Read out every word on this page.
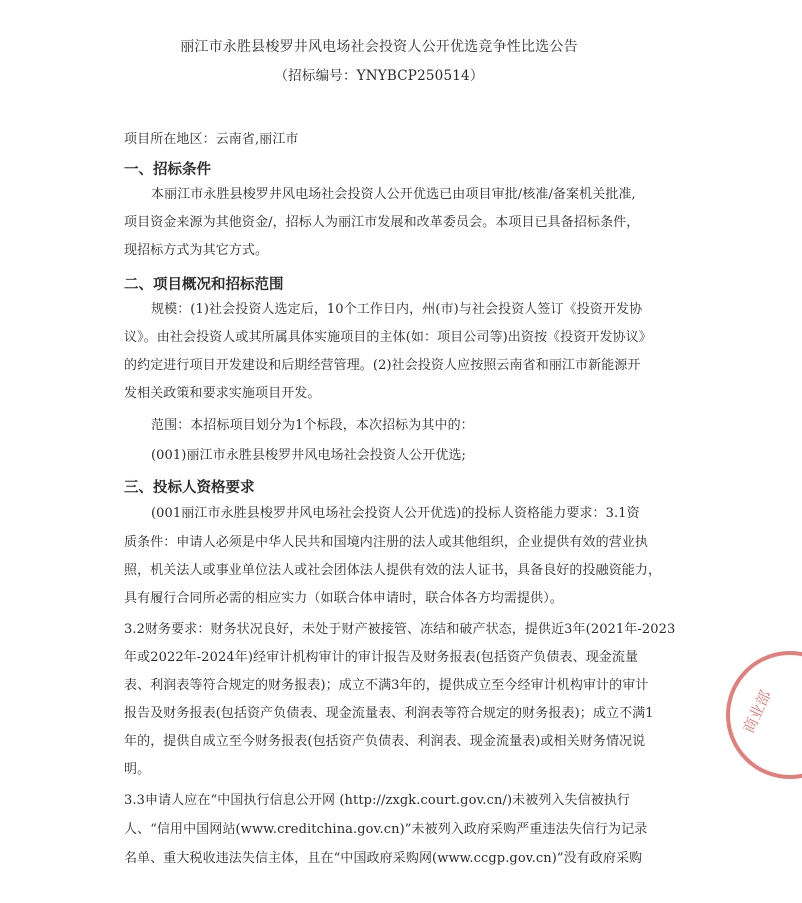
丽江市永胜县梭罗井风电场社会投资人公开优选竞争性比选公告
（招标编号：YNYBCP250514）
项目所在地区：云南省,丽江市
一、招标条件
本丽江市永胜县梭罗井风电场社会投资人公开优选已由项目审批/核准/备案机关批准,
项目资金来源为其他资金/，招标人为丽江市发展和改革委员会。本项目已具备招标条件，
现招标方式为其它方式。
二、项目概况和招标范围
规模：(1)社会投资人选定后，10个工作日内，州(市)与社会投资人签订《投资开发协
议》。由社会投资人或其所属具体实施项目的主体(如：项目公司等)出资按《投资开发协议》
的约定进行项目开发建设和后期经营管理。(2)社会投资人应按照云南省和丽江市新能源开
发相关政策和要求实施项目开发。
范围：本招标项目划分为1个标段，本次招标为其中的：
(001)丽江市永胜县梭罗井风电场社会投资人公开优选;
三、投标人资格要求
(001丽江市永胜县梭罗井风电场社会投资人公开优选)的投标人资格能力要求：3.1资
质条件：申请人必须是中华人民共和国境内注册的法人或其他组织，企业提供有效的营业执
照，机关法人或事业单位法人或社会团体法人提供有效的法人证书，具备良好的投融资能力，
具有履行合同所必需的相应实力（如联合体申请时，联合体各方均需提供）。
3.2财务要求：财务状况良好，未处于财产被接管、冻结和破产状态，提供近3年(2021年-2023
年或2022年-2024年)经审计机构审计的审计报告及财务报表(包括资产负债表、现金流量
表、利润表等符合规定的财务报表)；成立不满3年的，提供成立至今经审计机构审计的审计
报告及财务报表(包括资产负债表、现金流量表、利润表等符合规定的财务报表)；成立不满1
年的，提供自成立至今财务报表(包括资产负债表、利润表、现金流量表)或相关财务情况说
明。
3.3申请人应在“中国执行信息公开网 (http://zxgk.court.gov.cn/)未被列入失信被执行
人、“信用中国网站(www.creditchina.gov.cn)”未被列入政府采购严重违法失信行为记录
名单、重大税收违法失信主体，且在“中国政府采购网(www.ccgp.gov.cn)”没有政府采购
商业部
